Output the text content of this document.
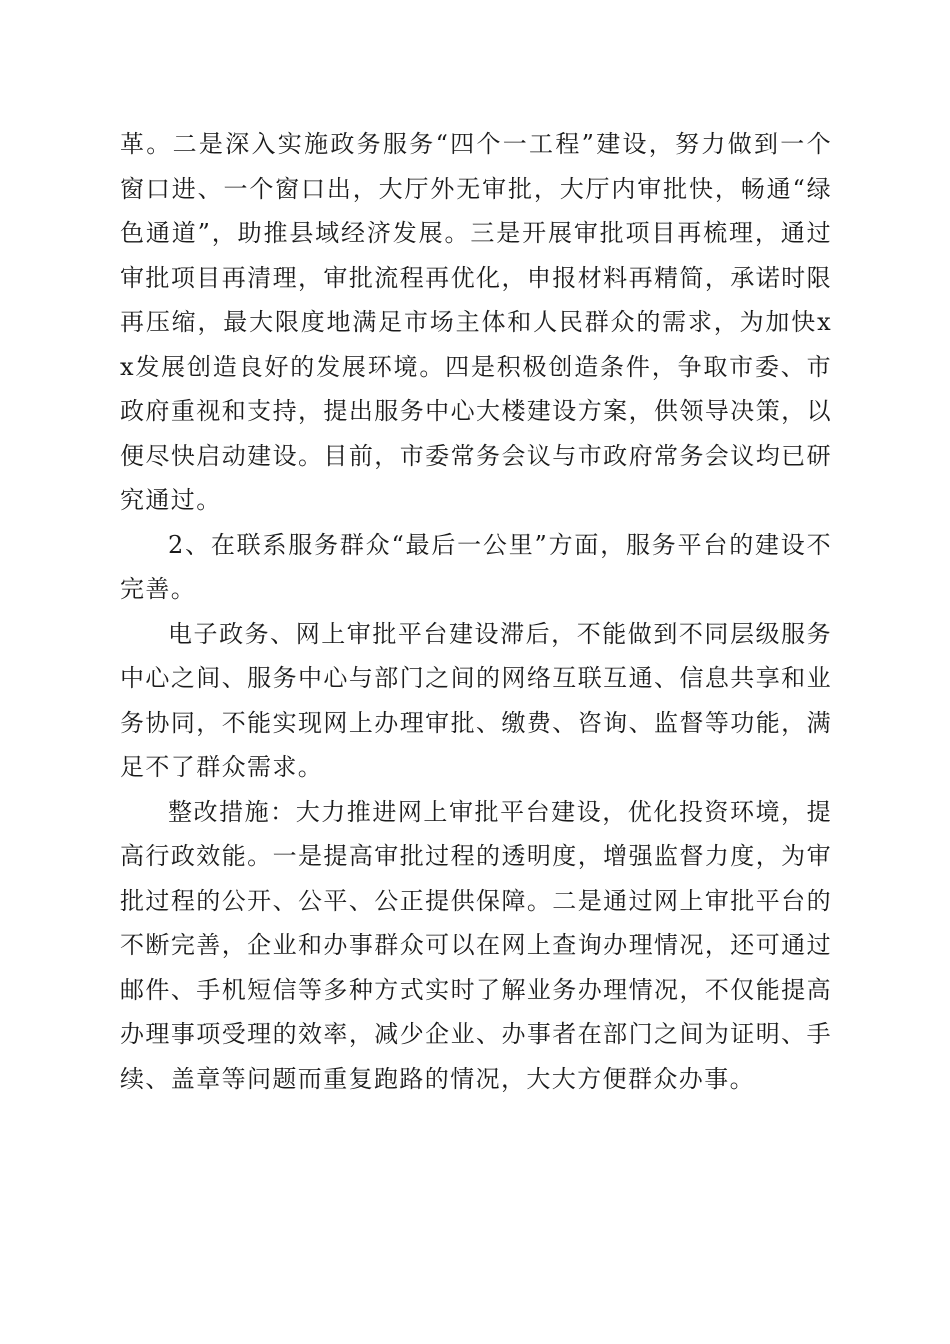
革。二是深入实施政务服务“四个一工程”建设，努力做到一个窗口进、一个窗口出，大厅外无审批，大厅内审批快，畅通“绿色通道”，助推县域经济发展。三是开展审批项目再梳理，通过审批项目再清理，审批流程再优化，申报材料再精简，承诺时限再压缩，最大限度地满足市场主体和人民群众的需求，为加快xx发展创造良好的发展环境。四是积极创造条件，争取市委、市政府重视和支持，提出服务中心大楼建设方案，供领导决策，以便尽快启动建设。目前，市委常务会议与市政府常务会议均已研究通过。

2、在联系服务群众“最后一公里”方面，服务平台的建设不完善。

电子政务、网上审批平台建设滞后，不能做到不同层级服务中心之间、服务中心与部门之间的网络互联互通、信息共享和业务协同，不能实现网上办理审批、缴费、咨询、监督等功能，满足不了群众需求。

整改措施：大力推进网上审批平台建设，优化投资环境，提高行政效能。一是提高审批过程的透明度，增强监督力度，为审批过程的公开、公平、公正提供保障。二是通过网上审批平台的不断完善，企业和办事群众可以在网上查询办理情况，还可通过邮件、手机短信等多种方式实时了解业务办理情况，不仅能提高办理事项受理的效率，减少企业、办事者在部门之间为证明、手续、盖章等问题而重复跑路的情况，大大方便群众办事。
